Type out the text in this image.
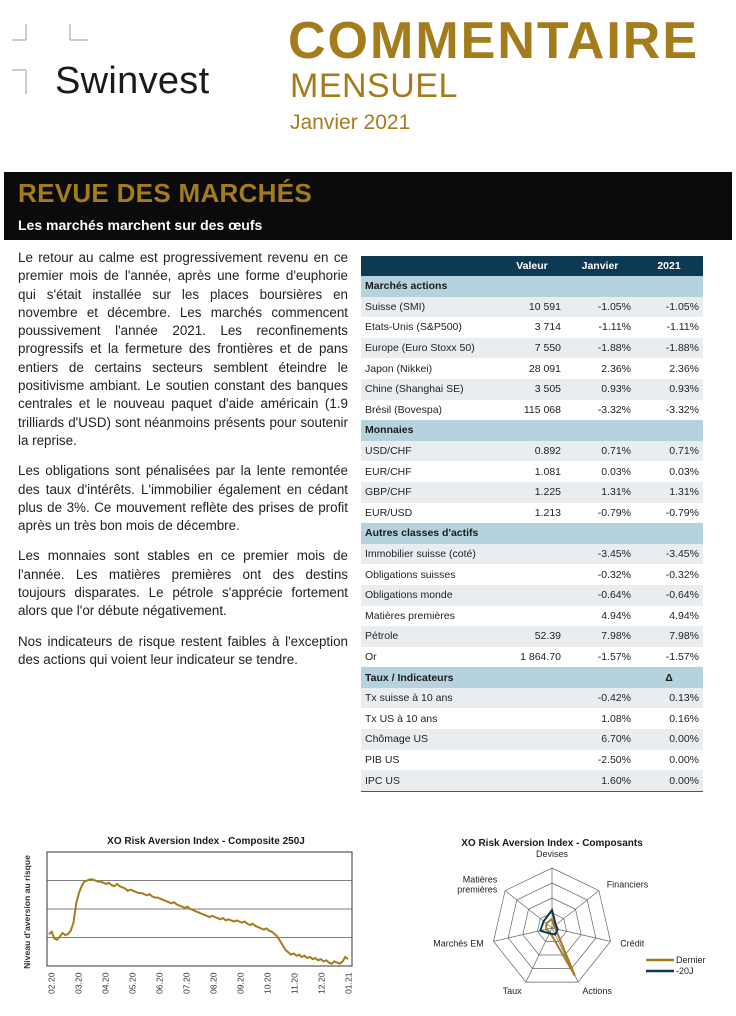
Swinvest
COMMENTAIRE
MENSUEL
Janvier 2021
REVUE DES MARCHÉS
Les marchés marchent sur des œufs

Le retour au calme est progressivement revenu en ce premier mois de l'année, après une forme d'euphorie qui s'était installée sur les places boursières en novembre et décembre. Les marchés commencent poussivement l'année 2021. Les reconfinements progressifs et la fermeture des frontières et de pans entiers de certains secteurs semblent éteindre le positivisme ambiant. Le soutien constant des banques centrales et le nouveau paquet d'aide américain (1.9 trilliards d'USD) sont néanmoins présents pour soutenir la reprise.

Les obligations sont pénalisées par la lente remontée des taux d'intérêts. L'immobilier également en cédant plus de 3%. Ce mouvement reflète des prises de profit après un très bon mois de décembre.

Les monnaies sont stables en ce premier mois de l'année. Les matières premières ont des destins toujours disparates. Le pétrole s'apprécie fortement alors que l'or débute négativement.

Nos indicateurs de risque restent faibles à l'exception des actions qui voient leur indicateur se tendre.

	Valeur	Janvier	2021
Marchés actions			
Suisse (SMI)	10 591	-1.05%	-1.05%
Etats-Unis (S&P500)	3 714	-1.11%	-1.11%
Europe (Euro Stoxx 50)	7 550	-1.88%	-1.88%
Japon (Nikkei)	28 091	2.36%	2.36%
Chine (Shanghai SE)	3 505	0.93%	0.93%
Brésil (Bovespa)	115 068	-3.32%	-3.32%
Monnaies			
USD/CHF	0.892	0.71%	0.71%
EUR/CHF	1.081	0.03%	0.03%
GBP/CHF	1.225	1.31%	1.31%
EUR/USD	1.213	-0.79%	-0.79%
Autres classes d'actifs			
Immobilier suisse (coté)		-3.45%	-3.45%
Obligations suisses		-0.32%	-0.32%
Obligations monde		-0.64%	-0.64%
Matières premières		4.94%	4.94%
Pétrole	52.39	7.98%	7.98%
Or	1 864.70	-1.57%	-1.57%
Taux / Indicateurs			Δ
Tx suisse à 10 ans		-0.42%	0.13%
Tx US à 10 ans		1.08%	0.16%
Chômage US		6.70%	0.00%
PIB US		-2.50%	0.00%
IPC US		1.60%	0.00%
XO Risk Aversion Index - Composite 250J
Niveau d'aversion au risque
02.20 03.20 04.20 05.20 06.20 07.20 08.20 09.20 10.20 11.20 12.20 01.21
XO Risk Aversion Index - Composants
Devises
Financiers
Crédit
Actions
Taux
Marchés EM
Matières premières
Dernier
-20J
